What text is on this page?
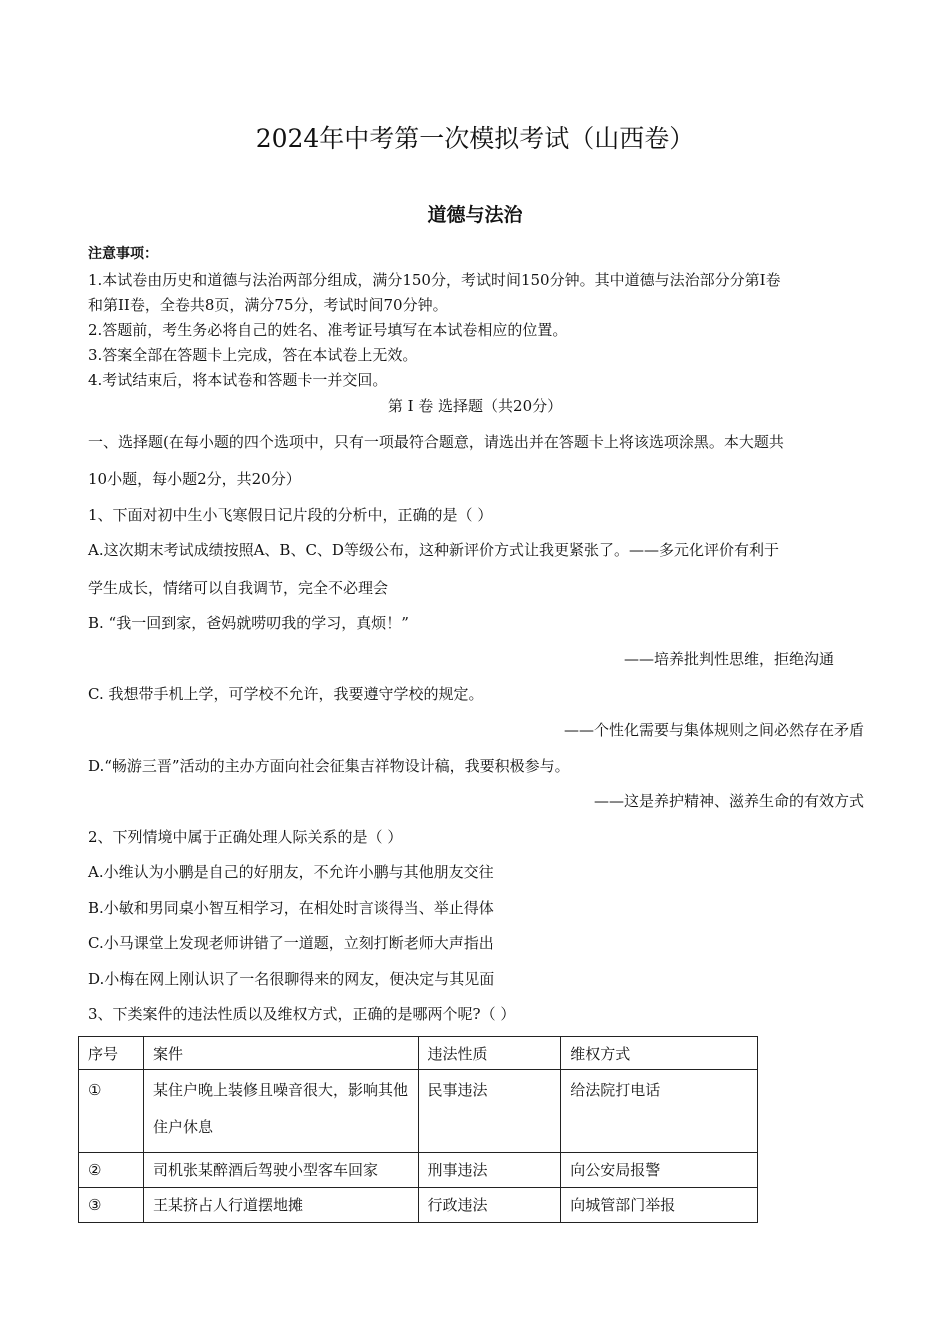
2024年中考第一次模拟考试（山西卷）
道德与法治
注意事项：
1.本试卷由历史和道德与法治两部分组成，满分150分，考试时间150分钟。其中道德与法治部分分第I卷
和第II卷，全卷共8页，满分75分，考试时间70分钟。
2.答题前，考生务必将自己的姓名、准考证号填写在本试卷相应的位置。
3.答案全部在答题卡上完成，答在本试卷上无效。
4.考试结束后，将本试卷和答题卡一并交回。
第 I 卷 选择题（共20分）
一、选择题(在每小题的四个选项中，只有一项最符合题意，请选出并在答题卡上将该选项涂黑。本大题共
10小题，每小题2分，共20分）
1、下面对初中生小飞寒假日记片段的分析中，正确的是（ ）
A.这次期末考试成绩按照A、B、C、D等级公布，这种新评价方式让我更紧张了。——多元化评价有利于
学生成长，情绪可以自我调节，完全不必理会
B. “我一回到家，爸妈就唠叨我的学习，真烦！”
——培养批判性思维，拒绝沟通
C. 我想带手机上学，可学校不允许，我要遵守学校的规定。
——个性化需要与集体规则之间必然存在矛盾
D.“畅游三晋”活动的主办方面向社会征集吉祥物设计稿，我要积极参与。
——这是养护精神、滋养生命的有效方式
2、下列情境中属于正确处理人际关系的是（ ）
A.小维认为小鹏是自己的好朋友，不允许小鹏与其他朋友交往
B.小敏和男同桌小智互相学习，在相处时言谈得当、举止得体
C.小马课堂上发现老师讲错了一道题，立刻打断老师大声指出
D.小梅在网上刚认识了一名很聊得来的网友，便决定与其见面
3、下类案件的违法性质以及维权方式，正确的是哪两个呢?（ ）
序号	案件	违法性质	维权方式
①	某住户晚上装修且噪音很大，影响其他住户休息	民事违法	给法院打电话
②	司机张某醉酒后驾驶小型客车回家	刑事违法	向公安局报警
③	王某挤占人行道摆地摊	行政违法	向城管部门举报
